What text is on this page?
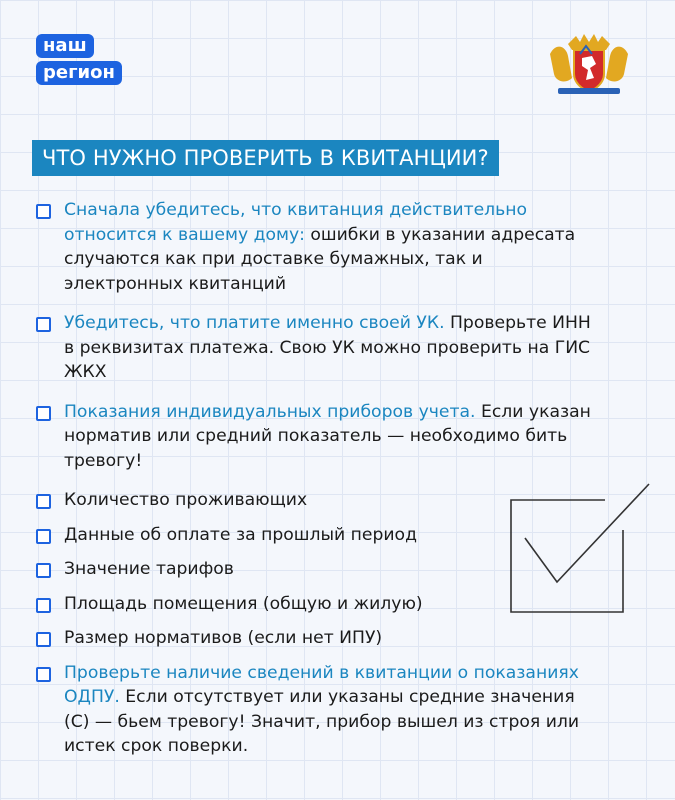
наш
регион
ЧТО НУЖНО ПРОВЕРИТЬ В КВИТАНЦИИ?
Сначала убедитесь, что квитанция действительно относится к вашему дому: ошибки в указании адресата случаются как при доставке бумажных, так и электронных квитанций
Убедитесь, что платите именно своей УК. Проверьте ИНН в реквизитах платежа. Свою УК можно проверить на ГИС ЖКХ
Показания индивидуальных приборов учета. Если указан норматив или средний показатель — необходимо бить тревогу!
Количество проживающих
Данные об оплате за прошлый период
Значение тарифов
Площадь помещения (общую и жилую)
Размер нормативов (если нет ИПУ)
Проверьте наличие сведений в квитанции о показаниях ОДПУ. Если отсутствует или указаны средние значения (С) — бьем тревогу! Значит, прибор вышел из строя или истек срок поверки.
